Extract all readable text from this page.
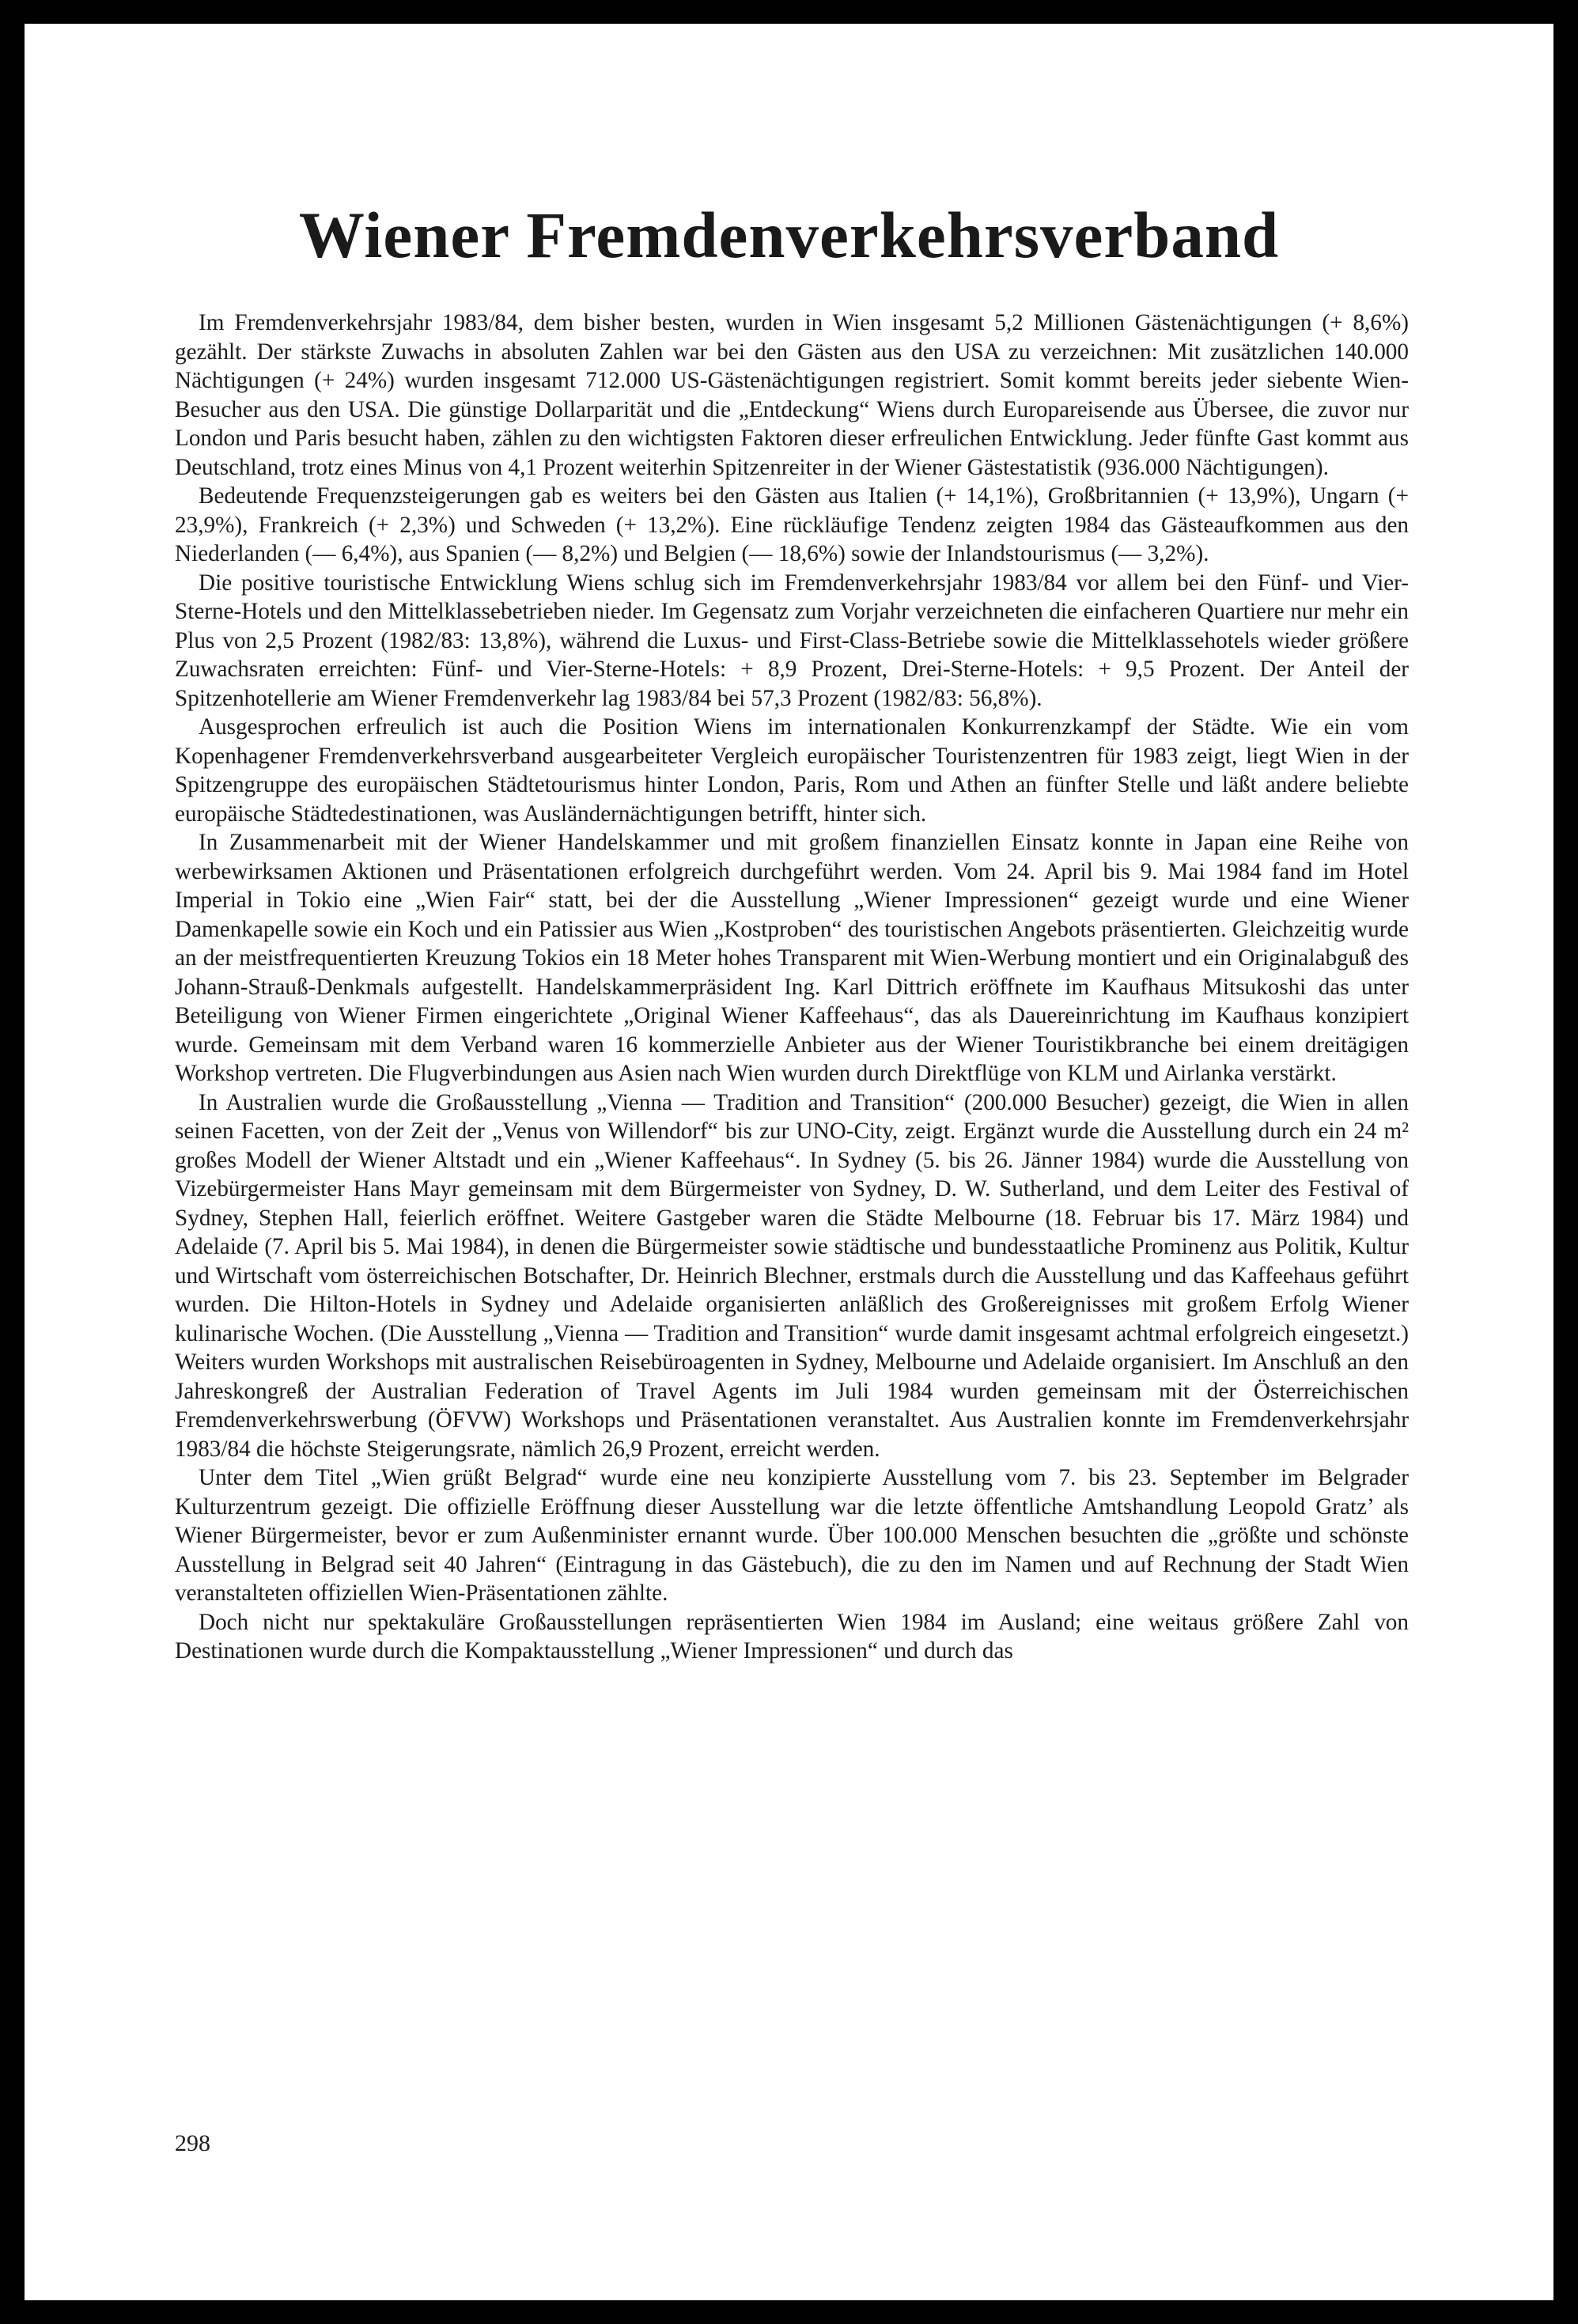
Wiener Fremdenverkehrsverband

Im Fremdenverkehrsjahr 1983/84, dem bisher besten, wurden in Wien insgesamt 5,2 Millionen Gästenächtigungen (+ 8,6%) gezählt. Der stärkste Zuwachs in absoluten Zahlen war bei den Gästen aus den USA zu verzeichnen: Mit zusätzlichen 140.000 Nächtigungen (+ 24%) wurden insgesamt 712.000 US-Gästenächtigungen registriert. Somit kommt bereits jeder siebente Wien-Besucher aus den USA. Die günstige Dollarparität und die „Entdeckung“ Wiens durch Europareisende aus Übersee, die zuvor nur London und Paris besucht haben, zählen zu den wichtigsten Faktoren dieser erfreulichen Entwicklung. Jeder fünfte Gast kommt aus Deutschland, trotz eines Minus von 4,1 Prozent weiterhin Spitzenreiter in der Wiener Gästestatistik (936.000 Nächtigungen).

Bedeutende Frequenzsteigerungen gab es weiters bei den Gästen aus Italien (+ 14,1%), Großbritannien (+ 13,9%), Ungarn (+ 23,9%), Frankreich (+ 2,3%) und Schweden (+ 13,2%). Eine rückläufige Tendenz zeigten 1984 das Gästeaufkommen aus den Niederlanden (— 6,4%), aus Spanien (— 8,2%) und Belgien (— 18,6%) sowie der Inlandstourismus (— 3,2%).

Die positive touristische Entwicklung Wiens schlug sich im Fremdenverkehrsjahr 1983/84 vor allem bei den Fünf- und Vier-Sterne-Hotels und den Mittelklassebetrieben nieder. Im Gegensatz zum Vorjahr verzeichneten die einfacheren Quartiere nur mehr ein Plus von 2,5 Prozent (1982/83: 13,8%), während die Luxus- und First-Class-Betriebe sowie die Mittelklassehotels wieder größere Zuwachsraten erreichten: Fünf- und Vier-Sterne-Hotels: + 8,9 Prozent, Drei-Sterne-Hotels: + 9,5 Prozent. Der Anteil der Spitzenhotellerie am Wiener Fremdenverkehr lag 1983/84 bei 57,3 Prozent (1982/83: 56,8%).

Ausgesprochen erfreulich ist auch die Position Wiens im internationalen Konkurrenzkampf der Städte. Wie ein vom Kopenhagener Fremdenverkehrsverband ausgearbeiteter Vergleich europäischer Touristenzentren für 1983 zeigt, liegt Wien in der Spitzengruppe des europäischen Städtetourismus hinter London, Paris, Rom und Athen an fünfter Stelle und läßt andere beliebte europäische Städtedestinationen, was Ausländernächtigungen betrifft, hinter sich.

In Zusammenarbeit mit der Wiener Handelskammer und mit großem finanziellen Einsatz konnte in Japan eine Reihe von werbewirksamen Aktionen und Präsentationen erfolgreich durchgeführt werden. Vom 24. April bis 9. Mai 1984 fand im Hotel Imperial in Tokio eine „Wien Fair“ statt, bei der die Ausstellung „Wiener Impressionen“ gezeigt wurde und eine Wiener Damenkapelle sowie ein Koch und ein Patissier aus Wien „Kostproben“ des touristischen Angebots präsentierten. Gleichzeitig wurde an der meistfrequentierten Kreuzung Tokios ein 18 Meter hohes Transparent mit Wien-Werbung montiert und ein Originalabguß des Johann-Strauß-Denkmals aufgestellt. Handelskammerpräsident Ing. Karl Dittrich eröffnete im Kaufhaus Mitsukoshi das unter Beteiligung von Wiener Firmen eingerichtete „Original Wiener Kaffeehaus“, das als Dauereinrichtung im Kaufhaus konzipiert wurde. Gemeinsam mit dem Verband waren 16 kommerzielle Anbieter aus der Wiener Touristikbranche bei einem dreitägigen Workshop vertreten. Die Flugverbindungen aus Asien nach Wien wurden durch Direktflüge von KLM und Airlanka verstärkt.

In Australien wurde die Großausstellung „Vienna — Tradition and Transition“ (200.000 Besucher) gezeigt, die Wien in allen seinen Facetten, von der Zeit der „Venus von Willendorf“ bis zur UNO-City, zeigt. Ergänzt wurde die Ausstellung durch ein 24 m² großes Modell der Wiener Altstadt und ein „Wiener Kaffeehaus“. In Sydney (5. bis 26. Jänner 1984) wurde die Ausstellung von Vizebürgermeister Hans Mayr gemeinsam mit dem Bürgermeister von Sydney, D. W. Sutherland, und dem Leiter des Festival of Sydney, Stephen Hall, feierlich eröffnet. Weitere Gastgeber waren die Städte Melbourne (18. Februar bis 17. März 1984) und Adelaide (7. April bis 5. Mai 1984), in denen die Bürgermeister sowie städtische und bundesstaatliche Prominenz aus Politik, Kultur und Wirtschaft vom österreichischen Botschafter, Dr. Heinrich Blechner, erstmals durch die Ausstellung und das Kaffeehaus geführt wurden. Die Hilton-Hotels in Sydney und Adelaide organisierten anläßlich des Großereignisses mit großem Erfolg Wiener kulinarische Wochen. (Die Ausstellung „Vienna — Tradition and Transition“ wurde damit insgesamt achtmal erfolgreich eingesetzt.) Weiters wurden Workshops mit australischen Reisebüroagenten in Sydney, Melbourne und Adelaide organisiert. Im Anschluß an den Jahreskongreß der Australian Federation of Travel Agents im Juli 1984 wurden gemeinsam mit der Österreichischen Fremdenverkehrswerbung (ÖFVW) Workshops und Präsentationen veranstaltet. Aus Australien konnte im Fremdenverkehrsjahr 1983/84 die höchste Steigerungsrate, nämlich 26,9 Prozent, erreicht werden.

Unter dem Titel „Wien grüßt Belgrad“ wurde eine neu konzipierte Ausstellung vom 7. bis 23. September im Belgrader Kulturzentrum gezeigt. Die offizielle Eröffnung dieser Ausstellung war die letzte öffentliche Amtshandlung Leopold Gratz’ als Wiener Bürgermeister, bevor er zum Außenminister ernannt wurde. Über 100.000 Menschen besuchten die „größte und schönste Ausstellung in Belgrad seit 40 Jahren“ (Eintragung in das Gästebuch), die zu den im Namen und auf Rechnung der Stadt Wien veranstalteten offiziellen Wien-Präsentationen zählte.

Doch nicht nur spektakuläre Großausstellungen repräsentierten Wien 1984 im Ausland; eine weitaus größere Zahl von Destinationen wurde durch die Kompaktausstellung „Wiener Impressionen“ und durch das

298
